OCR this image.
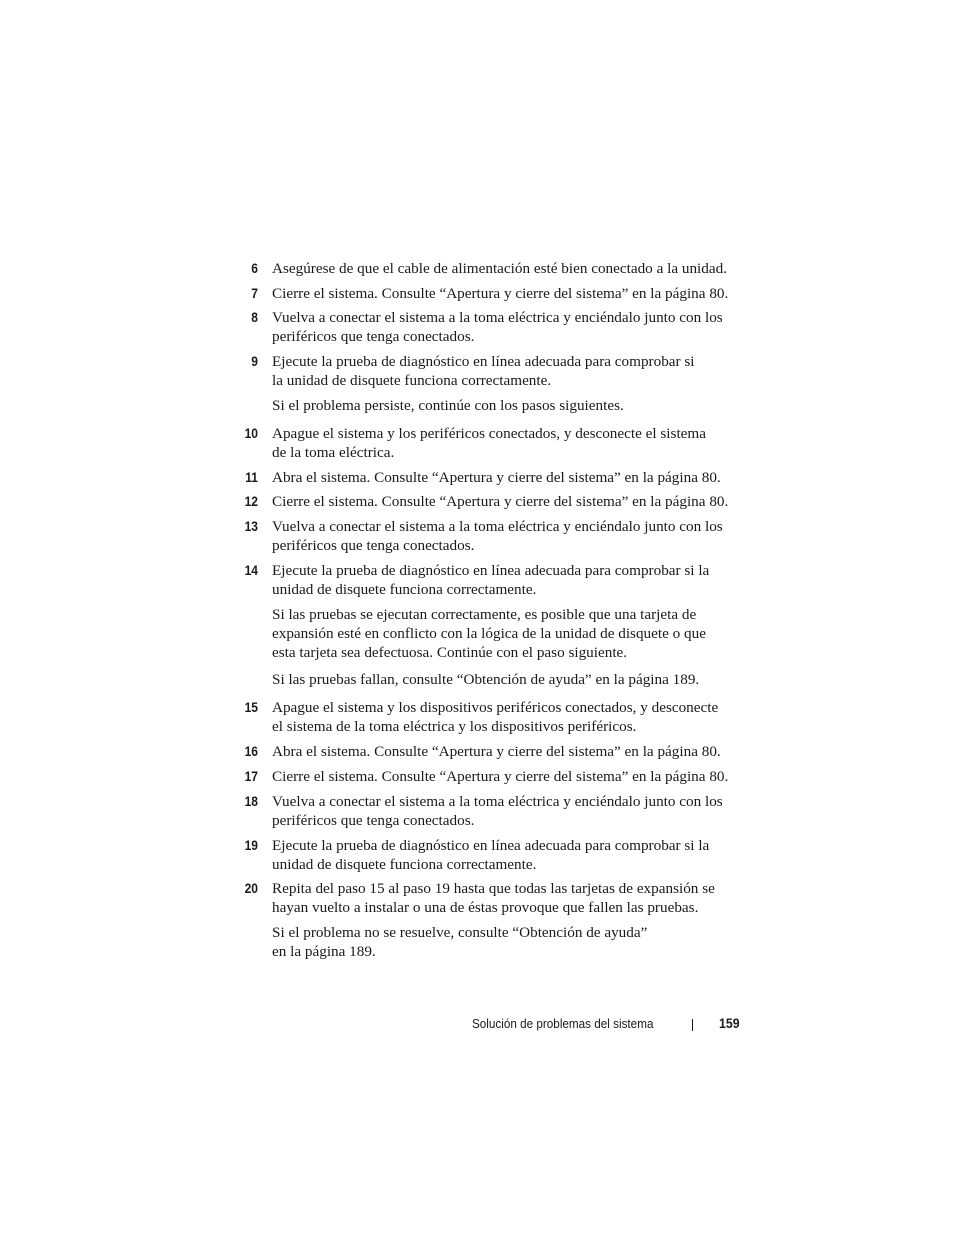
6 Asegúrese de que el cable de alimentación esté bien conectado a la unidad.
7 Cierre el sistema. Consulte “Apertura y cierre del sistema” en la página 80.
8 Vuelva a conectar el sistema a la toma eléctrica y enciéndalo junto con los
periféricos que tenga conectados.
9 Ejecute la prueba de diagnóstico en línea adecuada para comprobar si
la unidad de disquete funciona correctamente.
Si el problema persiste, continúe con los pasos siguientes.
10 Apague el sistema y los periféricos conectados, y desconecte el sistema
de la toma eléctrica.
11 Abra el sistema. Consulte “Apertura y cierre del sistema” en la página 80.
12 Cierre el sistema. Consulte “Apertura y cierre del sistema” en la página 80.
13 Vuelva a conectar el sistema a la toma eléctrica y enciéndalo junto con los
periféricos que tenga conectados.
14 Ejecute la prueba de diagnóstico en línea adecuada para comprobar si la
unidad de disquete funciona correctamente.
Si las pruebas se ejecutan correctamente, es posible que una tarjeta de
expansión esté en conflicto con la lógica de la unidad de disquete o que
esta tarjeta sea defectuosa. Continúe con el paso siguiente.
Si las pruebas fallan, consulte “Obtención de ayuda” en la página 189.
15 Apague el sistema y los dispositivos periféricos conectados, y desconecte
el sistema de la toma eléctrica y los dispositivos periféricos.
16 Abra el sistema. Consulte “Apertura y cierre del sistema” en la página 80.
17 Cierre el sistema. Consulte “Apertura y cierre del sistema” en la página 80.
18 Vuelva a conectar el sistema a la toma eléctrica y enciéndalo junto con los
periféricos que tenga conectados.
19 Ejecute la prueba de diagnóstico en línea adecuada para comprobar si la
unidad de disquete funciona correctamente.
20 Repita del paso 15 al paso 19 hasta que todas las tarjetas de expansión se
hayan vuelto a instalar o una de éstas provoque que fallen las pruebas.
Si el problema no se resuelve, consulte “Obtención de ayuda”
en la página 189.
Solución de problemas del sistema	159
